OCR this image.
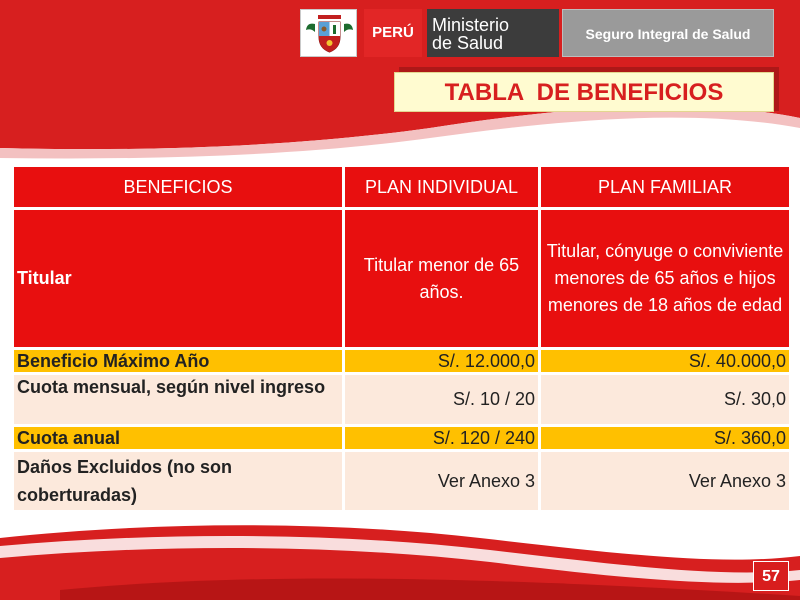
PERÚ	Ministerio
de Salud	Seguro Integral de Salud
TABLA  DE BENEFICIOS
BENEFICIOS	PLAN INDIVIDUAL	PLAN FAMILIAR
Titular	Titular menor de 65 años.	Titular, cónyuge o conviviente menores de 65 años e hijos menores de 18 años de edad
Beneficio Máximo Año	S/. 12.000,0	S/. 40.000,0
Cuota mensual, según nivel ingreso	S/. 10 / 20	S/. 30,0
Cuota anual	S/. 120 / 240	S/. 360,0
Daños Excluidos (no son coberturadas)	Ver Anexo 3	Ver Anexo 3
57
